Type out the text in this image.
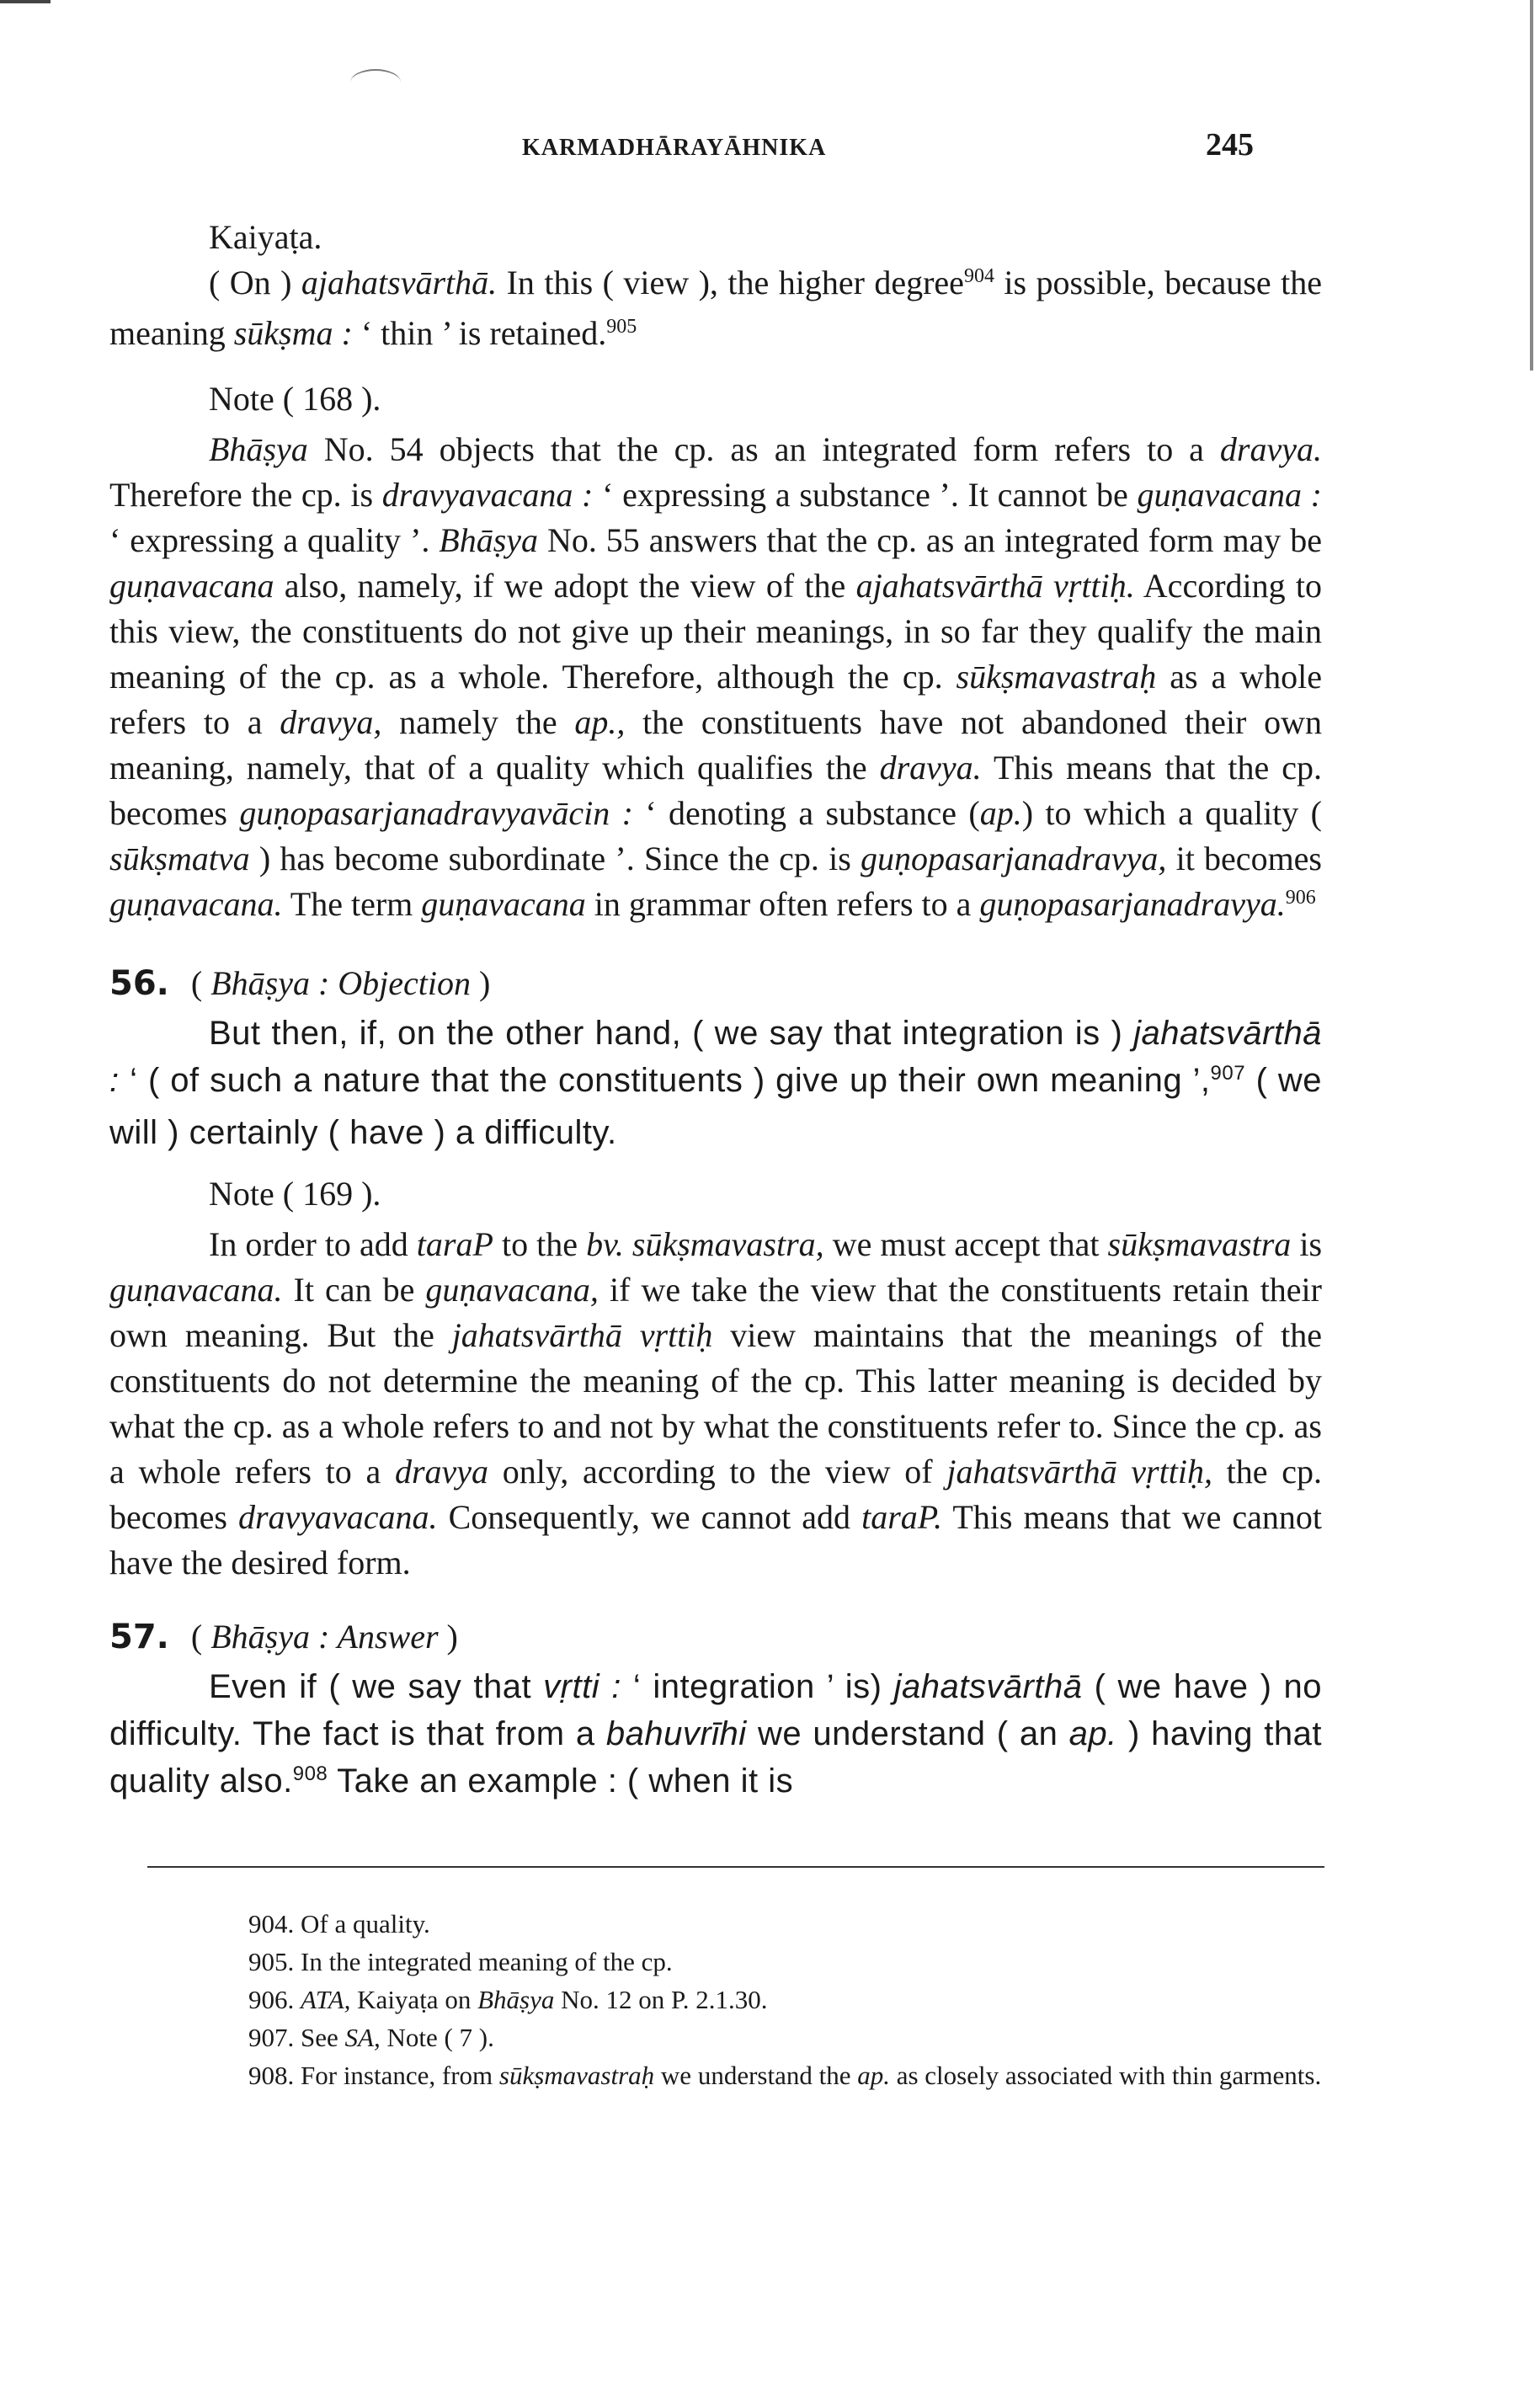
KARMADHĀRAYĀHNIKA	245

Kaiyaṭa.

( On ) ajahatsvārthā. In this ( view ), the higher degree$^{904}$ is possible, because the meaning sūkṣma : ‘ thin ’ is retained.$^{905}$

Note ( 168 ).

Bhāṣya No. 54 objects that the cp. as an integrated form refers to a dravya. Therefore the cp. is dravyavacana : ‘ expressing a substance ’. It cannot be guṇavacana : ‘ expressing a quality ’. Bhāṣya No. 55 answers that the cp. as an integrated form may be guṇavacana also, namely, if we adopt the view of the ajahatsvārthā vṛttiḥ. According to this view, the constituents do not give up their meanings, in so far they qualify the main meaning of the cp. as a whole. Therefore, although the cp. sūkṣmavastraḥ as a whole refers to a dravya, namely the ap., the constituents have not abandoned their own meaning, namely, that of a quality which qualifies the dravya. This means that the cp. becomes guṇopasarjanadravyavācin : ‘ denoting a substance (ap.) to which a quality ( sūkṣmatva ) has become subordinate ’. Since the cp. is guṇopasarjanadravya, it becomes guṇavacana. The term guṇavacana in grammar often refers to a guṇopasarjanadravya.$^{906}$

56. ( Bhāṣya : Objection )

But then, if, on the other hand, ( we say that integration is ) jahatsvārthā : ‘ ( of such a nature that the constituents ) give up their own meaning ’,$^{907}$ ( we will ) certainly ( have ) a difficulty.

Note ( 169 ).

In order to add taraP to the bv. sūkṣmavastra, we must accept that sūkṣmavastra is guṇavacana. It can be guṇavacana, if we take the view that the constituents retain their own meaning. But the jahatsvārthā vṛttiḥ view maintains that the meanings of the constituents do not determine the meaning of the cp. This latter meaning is decided by what the cp. as a whole refers to and not by what the constituents refer to. Since the cp. as a whole refers to a dravya only, according to the view of jahatsvārthā vṛttiḥ, the cp. becomes dravyavacana. Consequently, we cannot add taraP. This means that we cannot have the desired form.

57. ( Bhāṣya : Answer )

Even if ( we say that vṛtti : ‘ integration ’ is) jahatsvārthā ( we have ) no difficulty. The fact is that from a bahuvrīhi we understand ( an ap. ) having that quality also.$^{908}$ Take an example : ( when it is

904. Of a quality.

905. In the integrated meaning of the cp.

906. ATA, Kaiyaṭa on Bhāṣya No. 12 on P. 2.1.30.

907. See SA, Note ( 7 ).

908. For instance, from sūkṣmavastraḥ we understand the ap. as closely associated with thin garments.
